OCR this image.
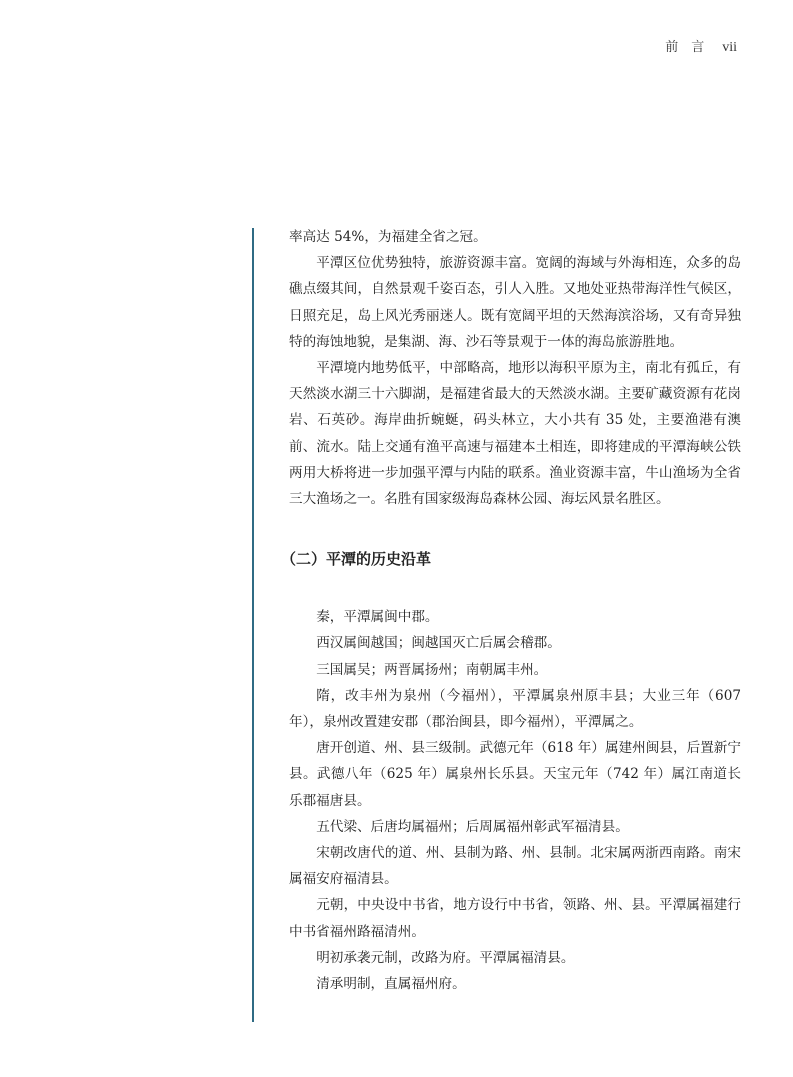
前　言 vii

率高达 54%，为福建全省之冠。

平潭区位优势独特，旅游资源丰富。宽阔的海域与外海相连，众多的岛礁点缀其间，自然景观千姿百态，引人入胜。又地处亚热带海洋性气候区，日照充足，岛上风光秀丽迷人。既有宽阔平坦的天然海滨浴场，又有奇异独特的海蚀地貌，是集湖、海、沙石等景观于一体的海岛旅游胜地。

平潭境内地势低平，中部略高，地形以海积平原为主，南北有孤丘，有天然淡水湖三十六脚湖，是福建省最大的天然淡水湖。主要矿藏资源有花岗岩、石英砂。海岸曲折蜿蜒，码头林立，大小共有 35 处，主要渔港有澳前、流水。陆上交通有渔平高速与福建本土相连，即将建成的平潭海峡公铁两用大桥将进一步加强平潭与内陆的联系。渔业资源丰富，牛山渔场为全省三大渔场之一。名胜有国家级海岛森林公园、海坛风景名胜区。

（二）平潭的历史沿革

秦，平潭属闽中郡。

西汉属闽越国；闽越国灭亡后属会稽郡。

三国属吴；两晋属扬州；南朝属丰州。

隋，改丰州为泉州（今福州），平潭属泉州原丰县；大业三年（607 年），泉州改置建安郡（郡治闽县，即今福州），平潭属之。

唐开创道、州、县三级制。武德元年（618 年）属建州闽县，后置新宁县。武德八年（625 年）属泉州长乐县。天宝元年（742 年）属江南道长乐郡福唐县。

五代梁、后唐均属福州；后周属福州彰武军福清县。

宋朝改唐代的道、州、县制为路、州、县制。北宋属两浙西南路。南宋属福安府福清县。

元朝，中央设中书省，地方设行中书省，领路、州、县。平潭属福建行中书省福州路福清州。

明初承袭元制，改路为府。平潭属福清县。

清承明制，直属福州府。
